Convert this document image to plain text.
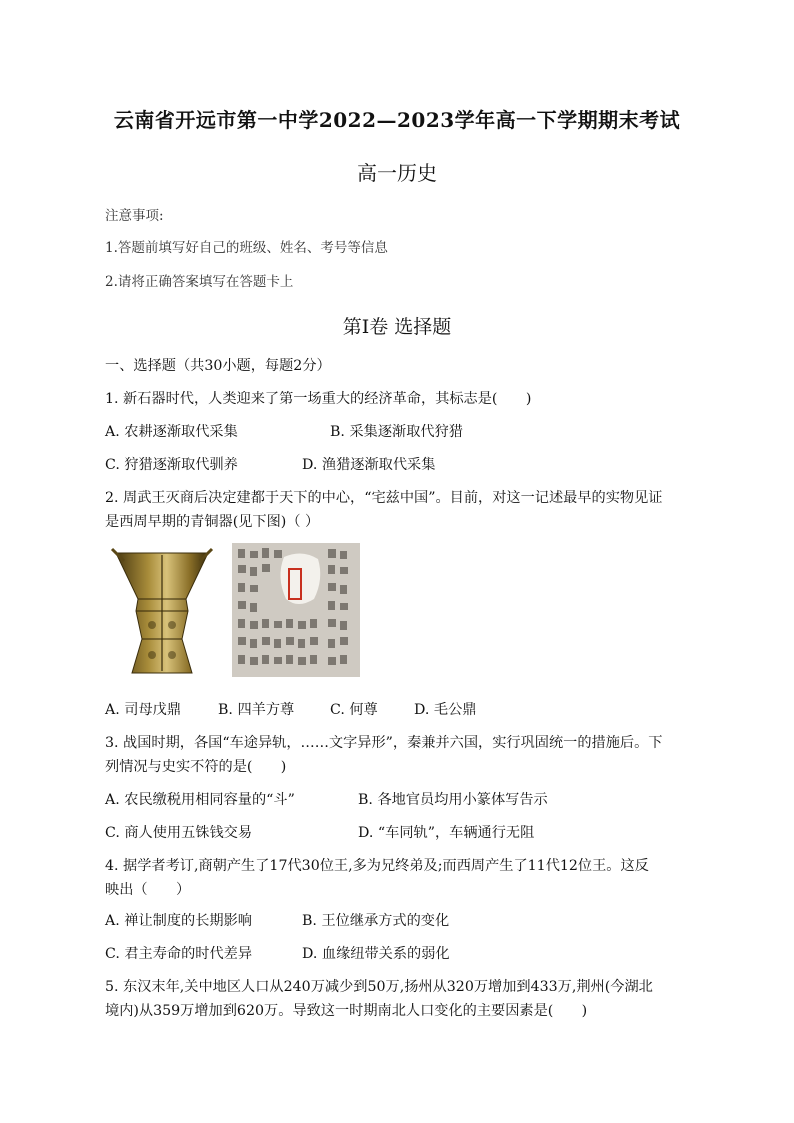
云南省开远市第一中学2022—2023学年高一下学期期末考试
高一历史
注意事项:
1.答题前填写好自己的班级、姓名、考号等信息
2.请将正确答案填写在答题卡上
第Ⅰ卷 选择题
一、选择题（共30小题，每题2分）
1. 新石器时代，人类迎来了第一场重大的经济革命，其标志是(　　)
A. 农耕逐渐取代采集	B. 采集逐渐取代狩猎
C. 狩猎逐渐取代驯养	D. 渔猎逐渐取代采集
2. 周武王灭商后决定建都于天下的中心，“宅兹中国”。目前，对这一记述最早的实物见证
是西周早期的青铜器(见下图)（ ）
A. 司母戊鼎	B. 四羊方尊	C. 何尊	D. 毛公鼎
3. 战国时期，各国“车途异轨，……文字异形”，秦兼并六国，实行巩固统一的措施后。下
列情况与史实不符的是(　　)
A. 农民缴税用相同容量的“斗”	B. 各地官员均用小篆体写告示
C. 商人使用五铢钱交易	D. “车同轨”，车辆通行无阻
4. 据学者考订,商朝产生了17代30位王,多为兄终弟及;而西周产生了11代12位王。这反
映出（　　）
A. 禅让制度的长期影响	B. 王位继承方式的变化
C. 君主寿命的时代差异	D. 血缘纽带关系的弱化
5. 东汉末年,关中地区人口从240万减少到50万,扬州从320万增加到433万,荆州(今湖北
境内)从359万增加到620万。导致这一时期南北人口变化的主要因素是(　　)
